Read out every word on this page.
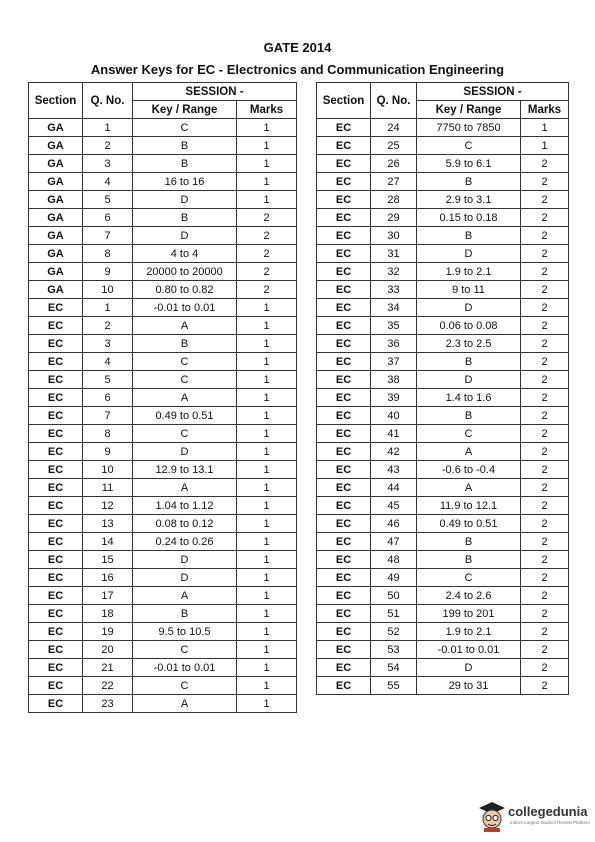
GATE 2014
Answer Keys for EC - Electronics and Communication Engineering
Section	Q. No.	SESSION -	
		Key / Range	Marks
GA	1	C	1
GA	2	B	1
GA	3	B	1
GA	4	16 to 16	1
GA	5	D	1
GA	6	B	2
GA	7	D	2
GA	8	4 to 4	2
GA	9	20000 to 20000	2
GA	10	0.80 to 0.82	2
EC	1	-0.01 to 0.01	1
EC	2	A	1
EC	3	B	1
EC	4	C	1
EC	5	C	1
EC	6	A	1
EC	7	0.49 to 0.51	1
EC	8	C	1
EC	9	D	1
EC	10	12.9 to 13.1	1
EC	11	A	1
EC	12	1.04 to 1.12	1
EC	13	0.08 to 0.12	1
EC	14	0.24 to 0.26	1
EC	15	D	1
EC	16	D	1
EC	17	A	1
EC	18	B	1
EC	19	9.5 to 10.5	1
EC	20	C	1
EC	21	-0.01 to 0.01	1
EC	22	C	1
EC	23	A	1
Section	Q. No.	SESSION -	
		Key / Range	Marks
EC	24	7750 to 7850	1
EC	25	C	1
EC	26	5.9 to 6.1	2
EC	27	B	2
EC	28	2.9 to 3.1	2
EC	29	0.15 to 0.18	2
EC	30	B	2
EC	31	D	2
EC	32	1.9 to 2.1	2
EC	33	9 to 11	2
EC	34	D	2
EC	35	0.06 to 0.08	2
EC	36	2.3 to 2.5	2
EC	37	B	2
EC	38	D	2
EC	39	1.4 to 1.6	2
EC	40	B	2
EC	41	C	2
EC	42	A	2
EC	43	-0.6 to -0.4	2
EC	44	A	2
EC	45	11.9 to 12.1	2
EC	46	0.49 to 0.51	2
EC	47	B	2
EC	48	B	2
EC	49	C	2
EC	50	2.4 to 2.6	2
EC	51	199 to 201	2
EC	52	1.9 to 2.1	2
EC	53	-0.01 to 0.01	2
EC	54	D	2
EC	55	29 to 31	2
collegedunia
India's Largest Student Review Platform
